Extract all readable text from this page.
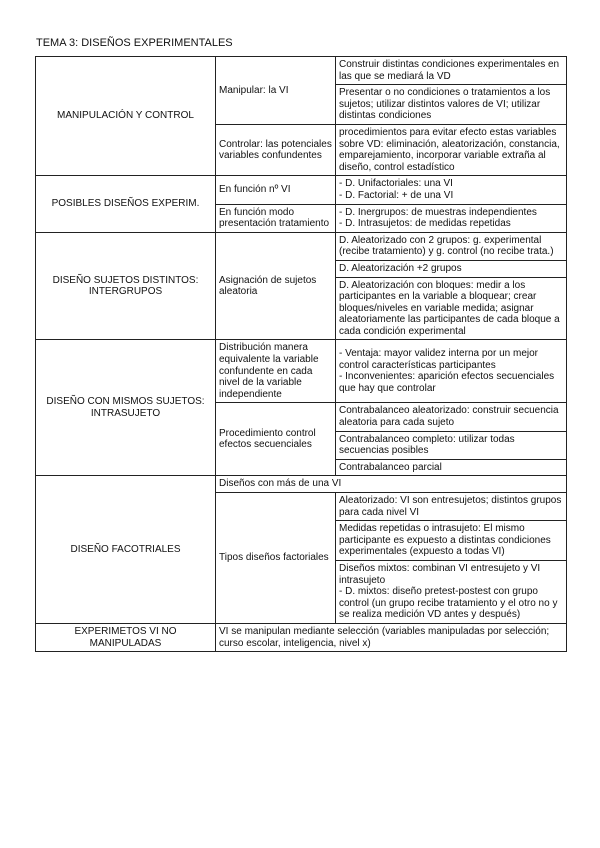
TEMA 3: DISEÑOS EXPERIMENTALES
MANIPULACIÓN Y CONTROL	Manipular: la VI	Construir distintas condiciones experimentales en las que se mediará la VD
		Presentar o no condiciones o tratamientos a los sujetos; utilizar distintos valores de VI; utilizar distintas condiciones
	Controlar: las potenciales variables confundentes	procedimientos para evitar efecto estas variables sobre VD: eliminación, aleatorización, constancia, emparejamiento, incorporar variable extraña al diseño, control estadístico
POSIBLES DISEÑOS EXPERIM.	En función nº VI	- D. Unifactoriales: una VI
- D. Factorial: + de una VI

	En función modo presentación tratamiento	- D. Inergrupos: de muestras independientes
- D. Intrasujetos: de medidas repetidas

DISEÑO SUJETOS DISTINTOS: INTERGRUPOS	Asignación de sujetos aleatoria	D. Aleatorizado con 2 grupos: g. experimental (recibe tratamiento) y g. control (no recibe trata.)
		D. Aleatorización +2 grupos
		D. Aleatorización con bloques: medir a los participantes en la variable a bloquear; crear bloques/niveles en variable medida; asignar aleatoriamente las participantes de cada bloque a cada condición experimental
DISEÑO CON MISMOS SUJETOS: INTRASUJETO	Distribución manera equivalente la variable confundente en cada nivel de la variable independiente	- Ventaja: mayor validez interna por un mejor control características participantes
- Inconvenientes: aparición efectos secuenciales que hay que controlar

	Procedimiento control efectos secuenciales	Contrabalanceo aleatorizado: construir secuencia aleatoria para cada sujeto
		Contrabalanceo completo: utilizar todas secuencias posibles
		Contrabalanceo parcial
DISEÑO FACOTRIALES	Diseños con más de una VI	
	Tipos diseños factoriales	Aleatorizado: VI son entresujetos; distintos grupos para cada nivel VI
		Medidas repetidas o intrasujeto: El mismo participante es expuesto a distintas condiciones experimentales (expuesto a todas VI)

		Diseños mixtos: combinan VI entresujeto y VI intrasujeto
- D. mixtos: diseño pretest-postest con grupo control (un grupo recibe tratamiento y el otro no y se realiza medición VD antes y después)

EXPERIMETOS VI NO MANIPULADAS	VI se manipulan mediante selección (variables manipuladas por selección; curso escolar, inteligencia, nivel x)	
